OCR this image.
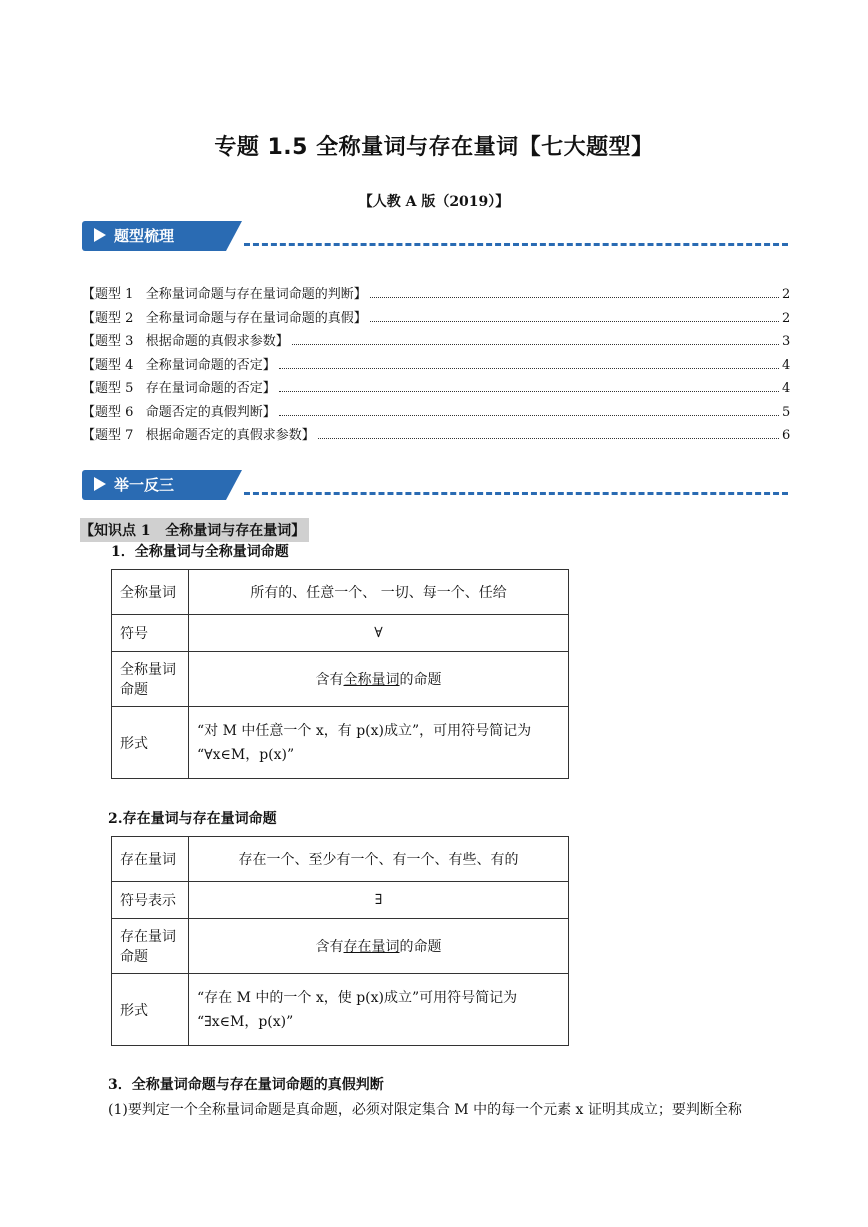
专题 1.5 全称量词与存在量词【七大题型】
【人教 A 版（2019）】
题型梳理
【题型 1   全称量词命题与存在量词命题的判断】	2
【题型 2   全称量词命题与存在量词命题的真假】	2
【题型 3   根据命题的真假求参数】	3
【题型 4   全称量词命题的否定】	4
【题型 5   存在量词命题的否定】	4
【题型 6   命题否定的真假判断】	5
【题型 7   根据命题否定的真假求参数】	6
举一反三
【知识点 1   全称量词与存在量词】
1．全称量词与全称量词命题
全称量词	所有的、任意一个、 一切、每一个、任给
符号	∀
全称量词
命题	含有全称量词的命题
形式	“对 M 中任意一个 x，有 p(x)成立”，可用符号简记为
“∀x∈M，p(x)”
2.存在量词与存在量词命题
存在量词	存在一个、至少有一个、有一个、有些、有的
符号表示	∃
存在量词
命题	含有存在量词的命题
形式	“存在 M 中的一个 x，使 p(x)成立”可用符号简记为
“∃x∈M，p(x)”
3．全称量词命题与存在量词命题的真假判断
(1)要判定一个全称量词命题是真命题，必须对限定集合 M 中的每一个元素 x 证明其成立；要判断全称
